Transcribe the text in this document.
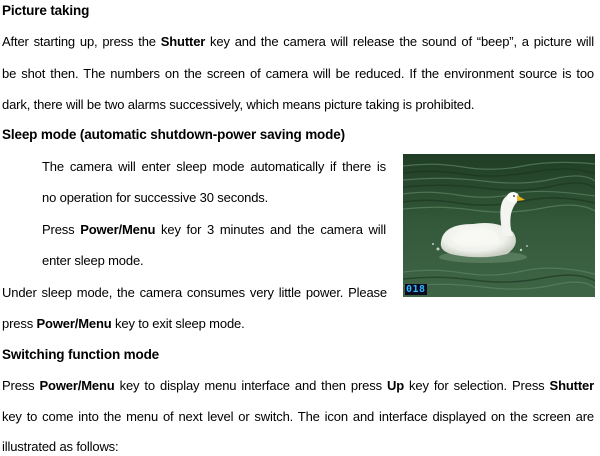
Picture taking
After starting up, press the Shutter key and the camera will release the sound of “beep”, a picture will
be shot then. The numbers on the screen of camera will be reduced. If the environment source is too
dark, there will be two alarms successively, which means picture taking is prohibited.
Sleep mode (automatic shutdown-power saving mode)
The camera will enter sleep mode automatically if there is
no operation for successive 30 seconds.
Press Power/Menu key for 3 minutes and the camera will
enter sleep mode.
Under sleep mode, the camera consumes very little power. Please
press Power/Menu key to exit sleep mode.
018
Switching function mode
Press Power/Menu key to display menu interface and then press Up key for selection. Press Shutter
key to come into the menu of next level or switch. The icon and interface displayed on the screen are
illustrated as follows:
